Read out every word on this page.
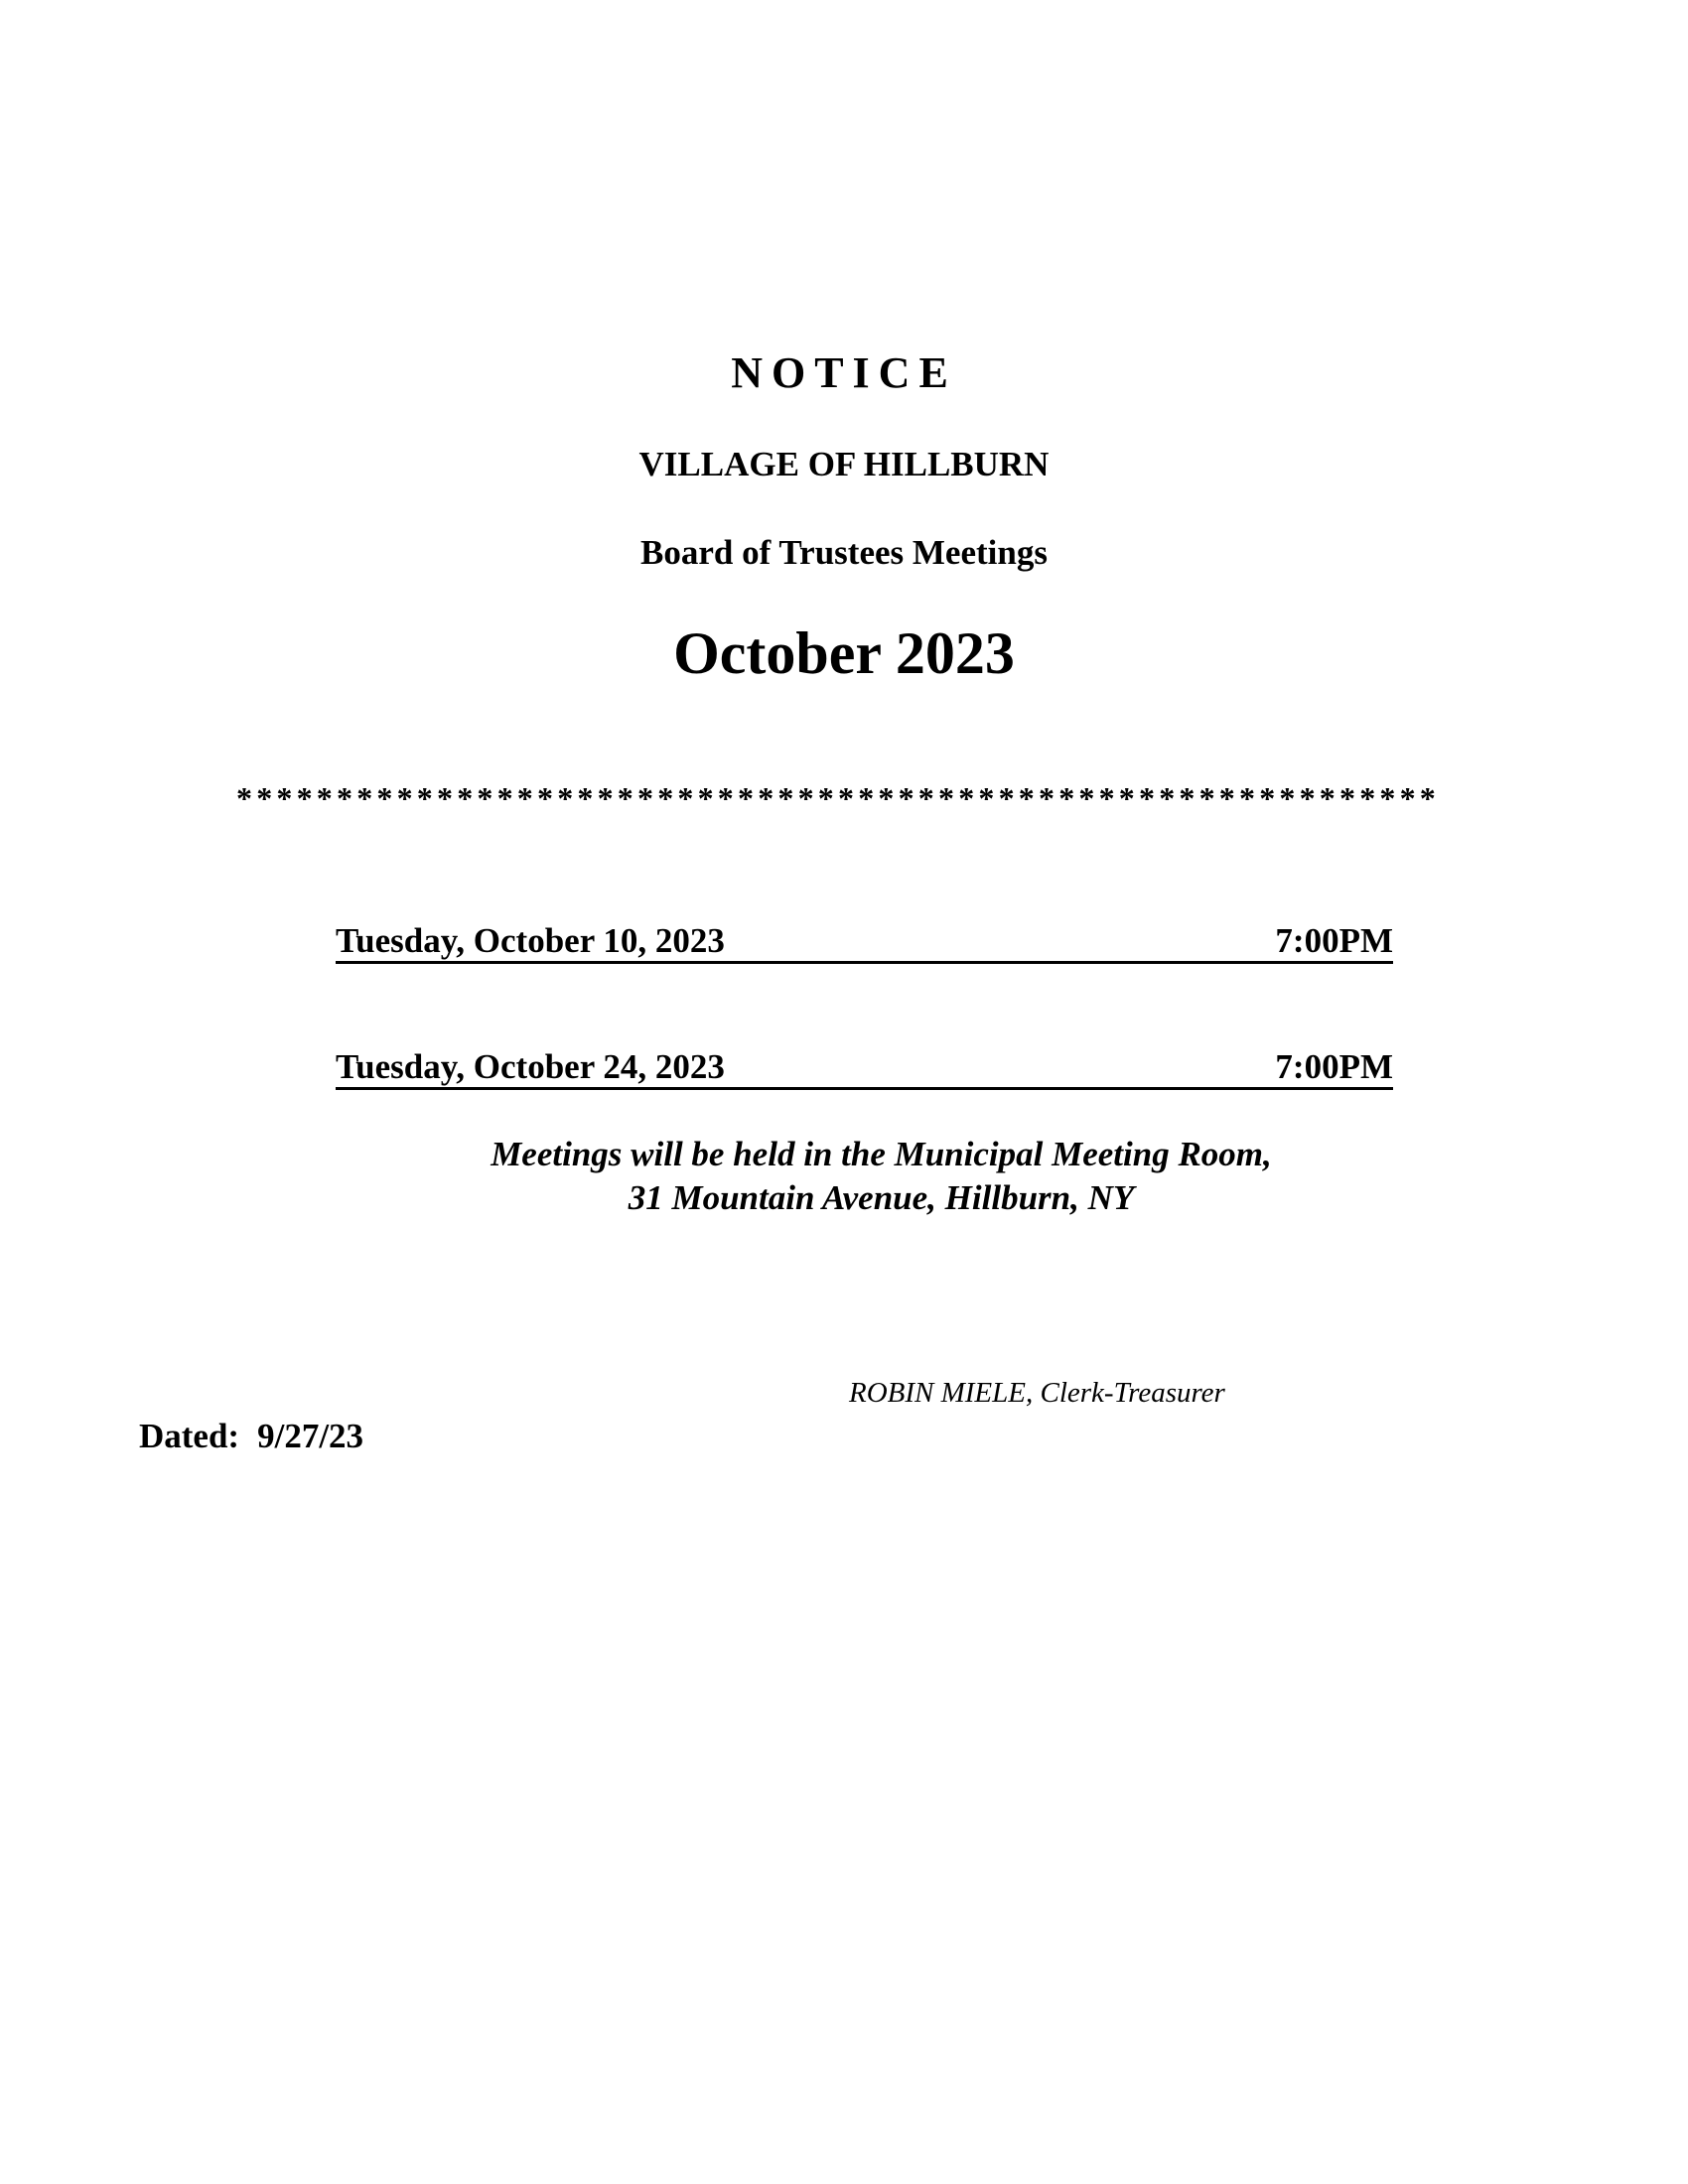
NOTICE
VILLAGE OF HILLBURN
Board of Trustees Meetings
October 2023
************************************************************
Tuesday, October 10, 2023	7:00PM
Tuesday, October 24, 2023	7:00PM
Meetings will be held in the Municipal Meeting Room,
31 Mountain Avenue, Hillburn, NY
ROBIN MIELE, Clerk-Treasurer
Dated: 9/27/23
